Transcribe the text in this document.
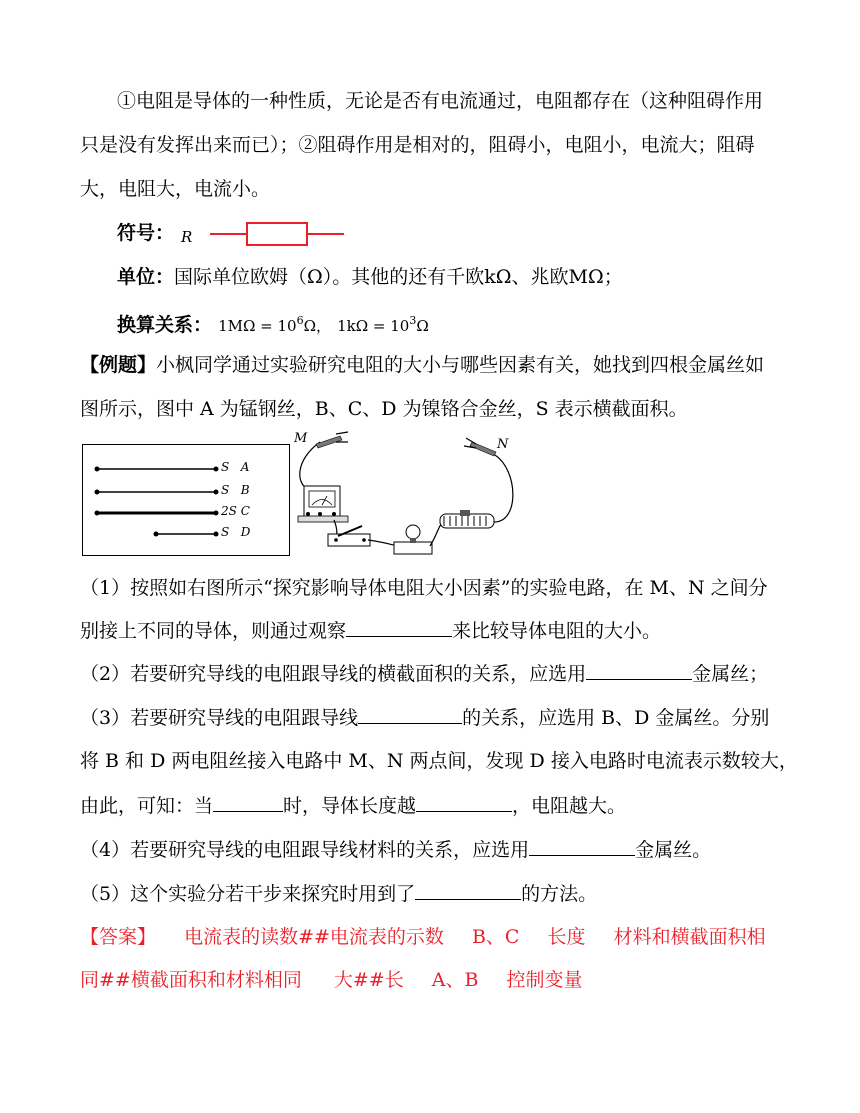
①电阻是导体的一种性质，无论是否有电流通过，电阻都存在（这种阻碍作用
只是没有发挥出来而已）；②阻碍作用是相对的，阻碍小，电阻小，电流大；阻碍
大，电阻大，电流小。
符号： R
单位：国际单位欧姆（Ω）。其他的还有千欧kΩ、兆欧MΩ；
换算关系： $1M\Omega = 10^6\Omega$， $1k\Omega = 10^3\Omega$
【例题】小枫同学通过实验研究电阻的大小与哪些因素有关，她找到四根金属丝如
图所示，图中 A 为锰钢丝，B、C、D 为镍铬合金丝，S 表示横截面积。
S A
S B
2S C
S D
M	N
（1）按照如右图所示“探究影响导体电阻大小因素”的实验电路，在 M、N 之间分
别接上不同的导体，则通过观察	来比较导体电阻的大小。
（2）若要研究导线的电阻跟导线的横截面积的关系，应选用	金属丝；
（3）若要研究导线的电阻跟导线	的关系，应选用 B、D 金属丝。分别
将 B 和 D 两电阻丝接入电路中 M、N 两点间，发现 D 接入电路时电流表示数较大，
由此，可知：当	时，导体长度越	，电阻越大。
（4）若要研究导线的电阻跟导线材料的关系，应选用	金属丝。
（5）这个实验分若干步来探究时用到了	的方法。
【答案】 电流表的读数##电流表的示数 B、C 长度 材料和横截面积相
同##横截面积和材料相同 大##长 A、B 控制变量
